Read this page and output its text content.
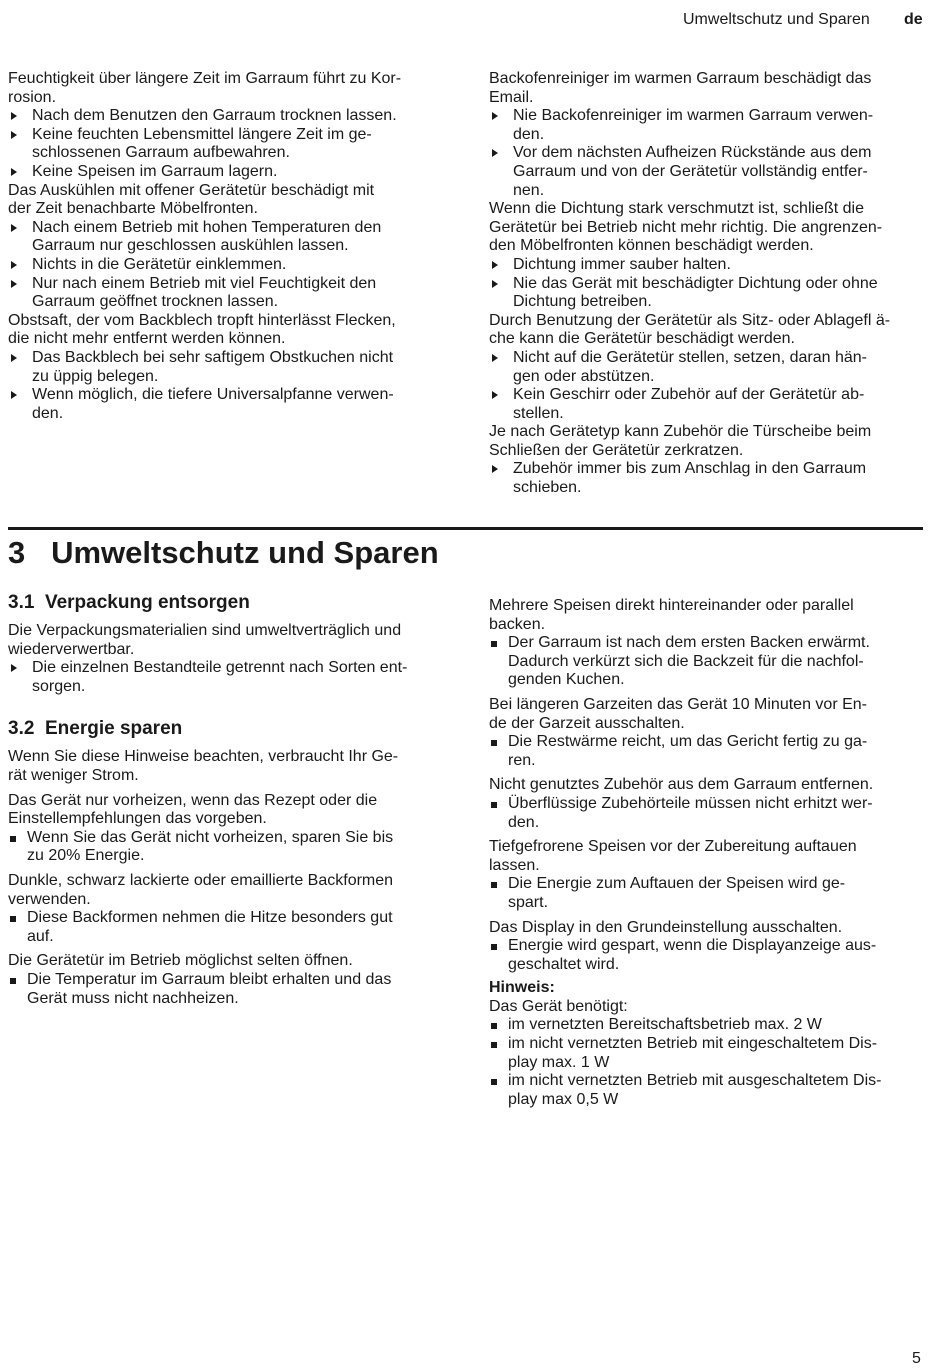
Umweltschutz und Sparen de
Feuchtigkeit über längere Zeit im Garraum führt zu Kor-
rosion.
Nach dem Benutzen den Garraum trocknen lassen.
Keine feuchten Lebensmittel längere Zeit im ge-
schlossenen Garraum aufbewahren.
Keine Speisen im Garraum lagern.
Das Auskühlen mit offener Gerätetür beschädigt mit
der Zeit benachbarte Möbelfronten.
Nach einem Betrieb mit hohen Temperaturen den
Garraum nur geschlossen auskühlen lassen.
Nichts in die Gerätetür einklemmen.
Nur nach einem Betrieb mit viel Feuchtigkeit den
Garraum geöffnet trocknen lassen.
Obstsaft, der vom Backblech tropft hinterlässt Flecken,
die nicht mehr entfernt werden können.
Das Backblech bei sehr saftigem Obstkuchen nicht
zu üppig belegen.
Wenn möglich, die tiefere Universalpfanne verwen-
den.
Backofenreiniger im warmen Garraum beschädigt das
Email.
Nie Backofenreiniger im warmen Garraum verwen-
den.
Vor dem nächsten Aufheizen Rückstände aus dem
Garraum und von der Gerätetür vollständig entfer-
nen.
Wenn die Dichtung stark verschmutzt ist, schließt die
Gerätetür bei Betrieb nicht mehr richtig. Die angrenzen-
den Möbelfronten können beschädigt werden.
Dichtung immer sauber halten.
Nie das Gerät mit beschädigter Dichtung oder ohne
Dichtung betreiben.
Durch Benutzung der Gerätetür als Sitz- oder Ablagefl ä-
che kann die Gerätetür beschädigt werden.
Nicht auf die Gerätetür stellen, setzen, daran hän-
gen oder abstützen.
Kein Geschirr oder Zubehör auf der Gerätetür ab-
stellen.
Je nach Gerätetyp kann Zubehör die Türscheibe beim
Schließen der Gerätetür zerkratzen.
Zubehör immer bis zum Anschlag in den Garraum
schieben.
3   Umweltschutz und Sparen
3.1  Verpackung entsorgen
Die Verpackungsmaterialien sind umweltverträglich und
wiederverwertbar.
Die einzelnen Bestandteile getrennt nach Sorten ent-
sorgen.
3.2  Energie sparen
Wenn Sie diese Hinweise beachten, verbraucht Ihr Ge-
rät weniger Strom.
Das Gerät nur vorheizen, wenn das Rezept oder die
Einstellempfehlungen das vorgeben.
Wenn Sie das Gerät nicht vorheizen, sparen Sie bis
zu 20% Energie.
Dunkle, schwarz lackierte oder emaillierte Backformen
verwenden.
Diese Backformen nehmen die Hitze besonders gut
auf.
Die Gerätetür im Betrieb möglichst selten öffnen.
Die Temperatur im Garraum bleibt erhalten und das
Gerät muss nicht nachheizen.
Mehrere Speisen direkt hintereinander oder parallel
backen.
Der Garraum ist nach dem ersten Backen erwärmt.
Dadurch verkürzt sich die Backzeit für die nachfol-
genden Kuchen.
Bei längeren Garzeiten das Gerät 10 Minuten vor En-
de der Garzeit ausschalten.
Die Restwärme reicht, um das Gericht fertig zu ga-
ren.
Nicht genutztes Zubehör aus dem Garraum entfernen.
Überflüssige Zubehörteile müssen nicht erhitzt wer-
den.
Tiefgefrorene Speisen vor der Zubereitung auftauen
lassen.
Die Energie zum Auftauen der Speisen wird ge-
spart.
Das Display in den Grundeinstellung ausschalten.
Energie wird gespart, wenn die Displayanzeige aus-
geschaltet wird.
Hinweis:
Das Gerät benötigt:
im vernetzten Bereitschaftsbetrieb max. 2 W
im nicht vernetzten Betrieb mit eingeschaltetem Dis-
play max. 1 W
im nicht vernetzten Betrieb mit ausgeschaltetem Dis-
play max 0,5 W
5
